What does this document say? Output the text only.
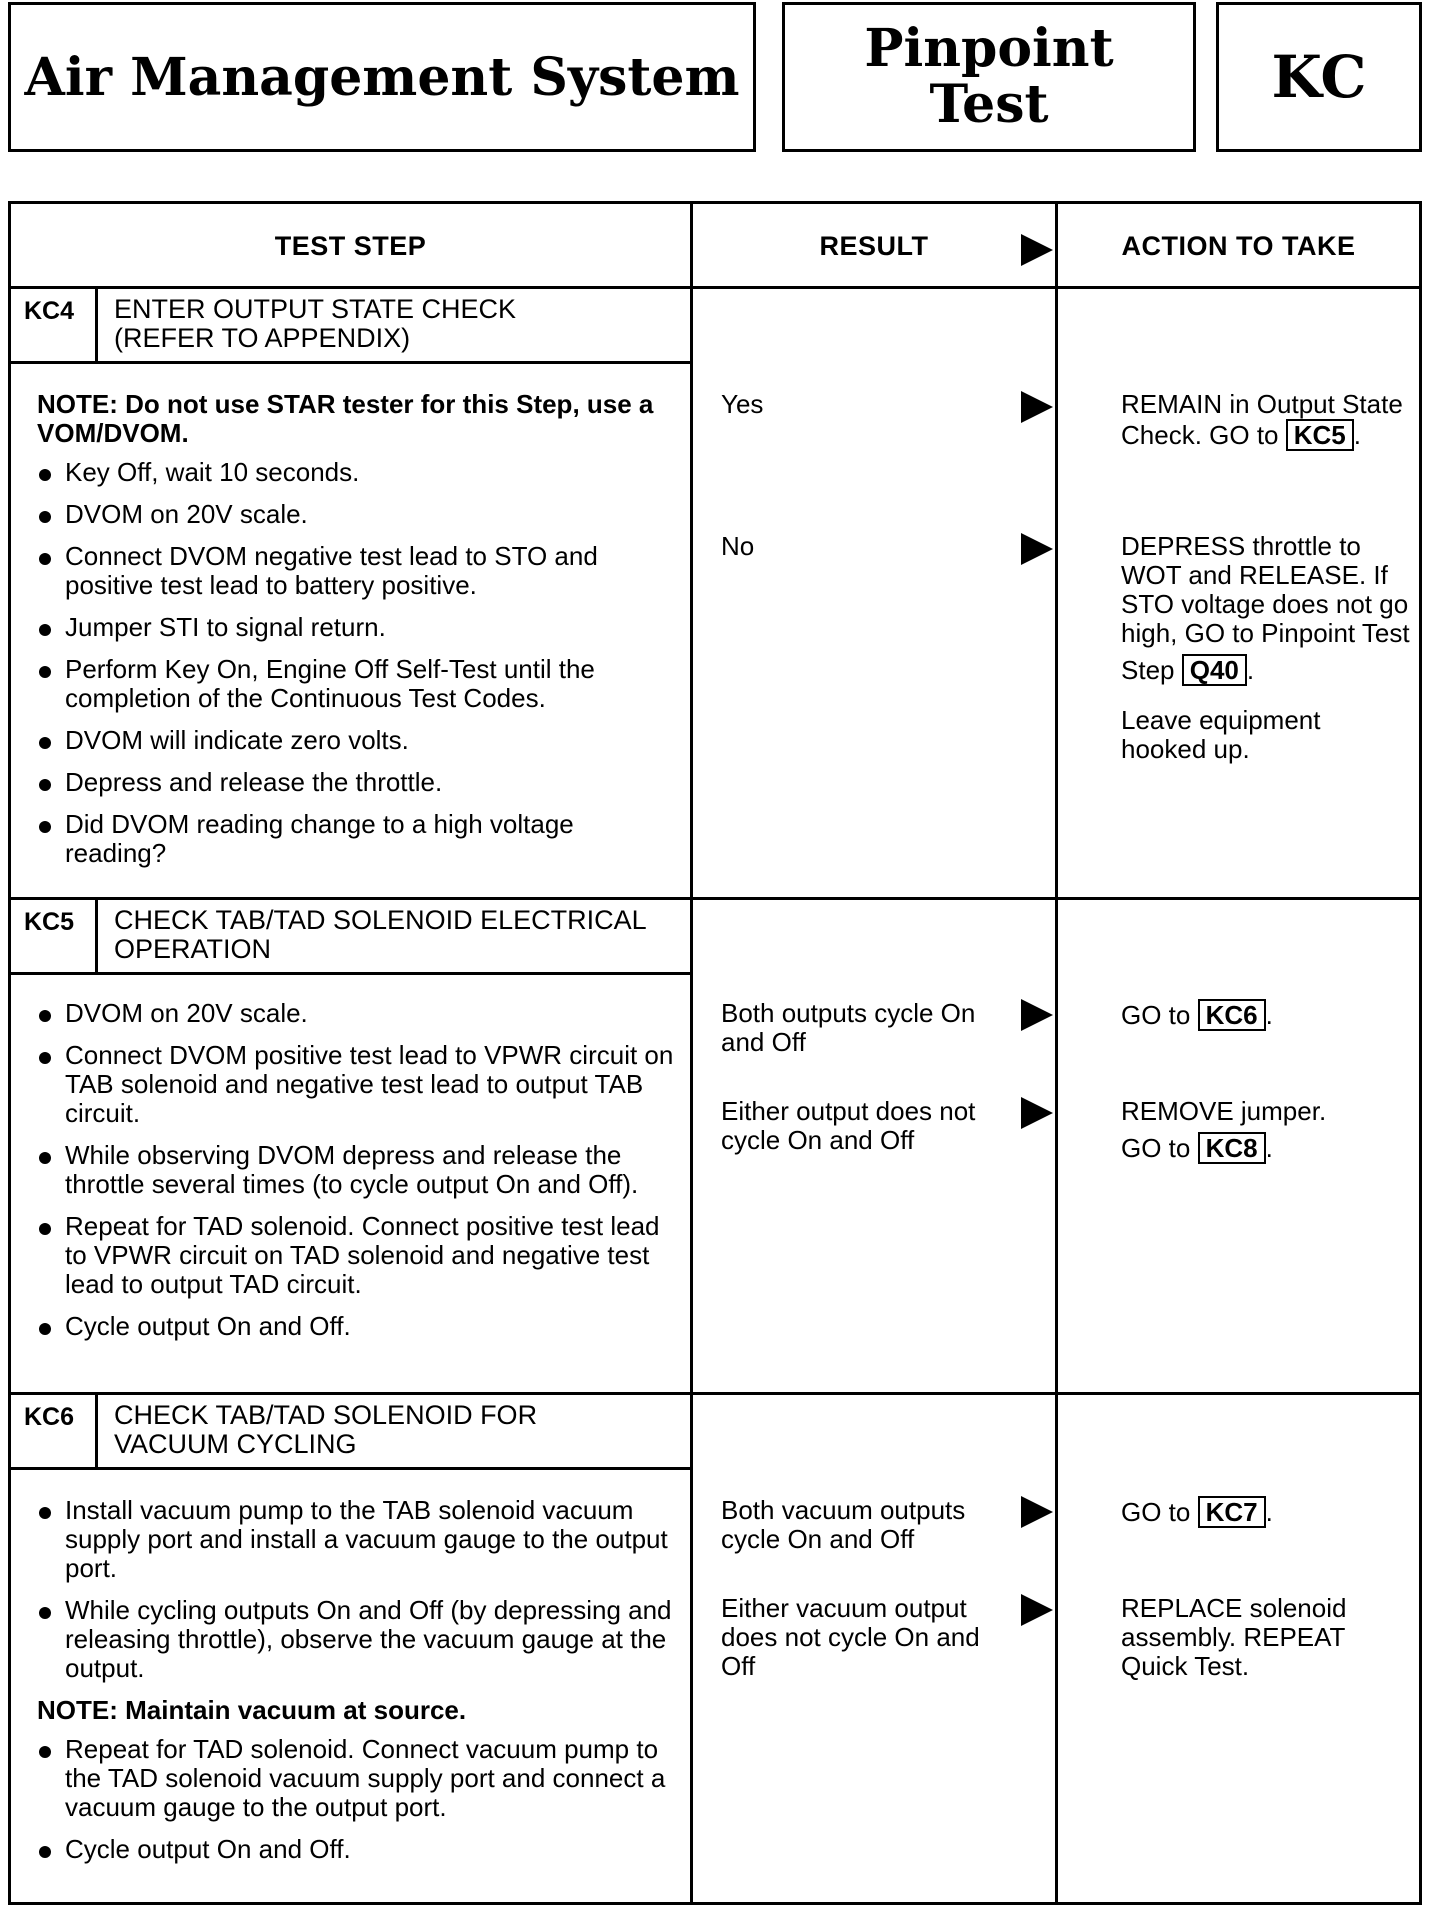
Air Management System Pinpoint
Test	KC
TEST STEP	RESULT	ACTION TO TAKE
KC4 ENTER OUTPUT STATE CHECK
(REFER TO APPENDIX)
NOTE: Do not use STAR tester for this Step, use a VOM/DVOM.
Key Off, wait 10 seconds.
DVOM on 20V scale.
Connect DVOM negative test lead to STO and positive test lead to battery positive.
Jumper STI to signal return.
Perform Key On, Engine Off Self-Test until the completion of the Continuous Test Codes.
DVOM will indicate zero volts.
Depress and release the throttle.
Did DVOM reading change to a high voltage reading?
Yes	REMAIN in Output State Check. GO to KC5 .
No	DEPRESS throttle to WOT and RELEASE. If STO voltage does not go high, GO to Pinpoint Test
Step Q40 .
Leave equipment hooked up.
KC5 CHECK TAB/TAD SOLENOID ELECTRICAL
OPERATION
DVOM on 20V scale.
Connect DVOM positive test lead to VPWR circuit on TAB solenoid and negative test lead to output TAB circuit.
While observing DVOM depress and release the throttle several times (to cycle output On and Off).
Repeat for TAD solenoid. Connect positive test lead to VPWR circuit on TAD solenoid and negative test lead to output TAD circuit.
Cycle output On and Off.
Both outputs cycle On and Off
GO to KC6 .
Either output does not cycle On and Off
REMOVE jumper.
GO to KC8 .
KC6 CHECK TAB/TAD SOLENOID FOR
VACUUM CYCLING
Install vacuum pump to the TAB solenoid vacuum supply port and install a vacuum gauge to the output port.
While cycling outputs On and Off (by depressing and releasing throttle), observe the vacuum gauge at the output.
NOTE: Maintain vacuum at source.
Repeat for TAD solenoid. Connect vacuum pump to the TAD solenoid vacuum supply port and connect a vacuum gauge to the output port.
Cycle output On and Off.
Both vacuum outputs cycle On and Off
GO to KC7 .
Either vacuum output does not cycle On and Off
REPLACE solenoid assembly. REPEAT Quick Test.
